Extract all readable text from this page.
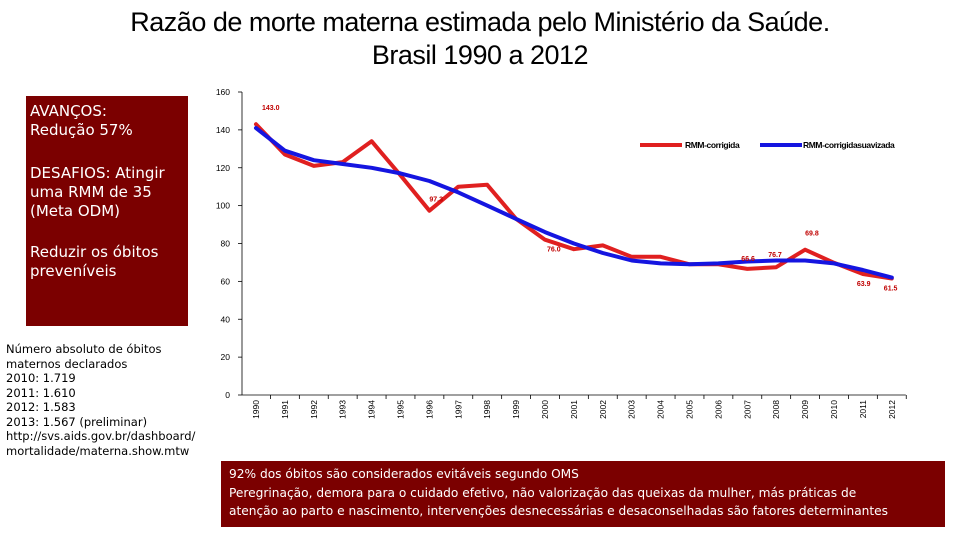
Razão de morte materna estimada pelo Ministério da Saúde.
Brasil 1990 a 2012
AVANÇOS:
Redução 57%
DESAFIOS: Atingir
uma RMM de 35
(Meta ODM)
Reduzir os óbitos
preveníveis
Número absoluto de óbitos
maternos declarados
2010: 1.719
2011: 1.610
2012: 1.583
2013: 1.567 (preliminar)
http://svs.aids.gov.br/dashboard/
mortalidade/materna.show.mtw
0
20
40
60
80
100
120
140
160
1990 1991 1992 1993 1994 1995 1996 1997 1998 1999 2000 2001 2002 2003 2004 2005 2006 2007 2008 2009 2010 2011 2012
143.0
97.3
76.0
66.6
76.7
69.8
63.9
61.5
RMM-corrigida	RMM-corrigidasuavizada
92% dos óbitos são considerados evitáveis segundo OMS
Peregrinação, demora para o cuidado efetivo, não valorização das queixas da mulher, más práticas de
atenção ao parto e nascimento, intervenções desnecessárias e desaconselhadas são fatores determinantes
